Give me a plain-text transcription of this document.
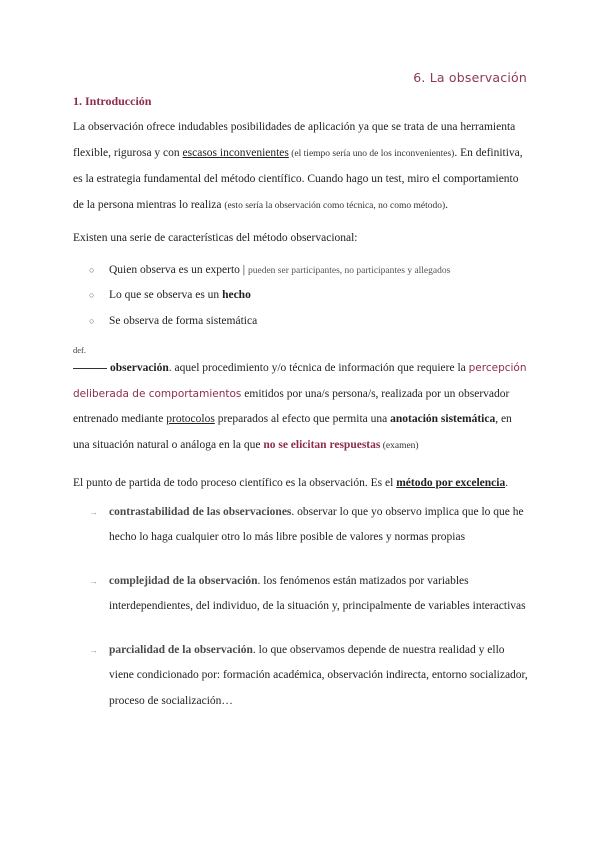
6. La observación
1. Introducción
La observación ofrece indudables posibilidades de aplicación ya que se trata de una herramienta flexible, rigurosa y con escasos inconvenientes (el tiempo sería uno de los inconvenientes). En definitiva, es la estrategia fundamental del método científico. Cuando hago un test, miro el comportamiento de la persona mientras lo realiza (esto sería la observación como técnica, no como método).
Existen una serie de características del método observacional:
○ Quien observa es un experto | pueden ser participantes, no participantes y allegados
○ Lo que se observa es un hecho
○ Se observa de forma sistemática
def.
observación. aquel procedimiento y/o técnica de información que requiere la percepción deliberada de comportamientos emitidos por una/s persona/s, realizada por un observador entrenado mediante protocolos preparados al efecto que permita una anotación sistemática, en una situación natural o análoga en la que no se elicitan respuestas (examen)
El punto de partida de todo proceso científico es la observación. Es el método por excelencia.
→ contrastabilidad de las observaciones. observar lo que yo observo implica que lo que he hecho lo haga cualquier otro lo más libre posible de valores y normas propias
→ complejidad de la observación. los fenómenos están matizados por variables interdependientes, del individuo, de la situación y, principalmente de variables interactivas
→ parcialidad de la observación. lo que observamos depende de nuestra realidad y ello viene condicionado por: formación académica, observación indirecta, entorno socializador, proceso de socialización…
